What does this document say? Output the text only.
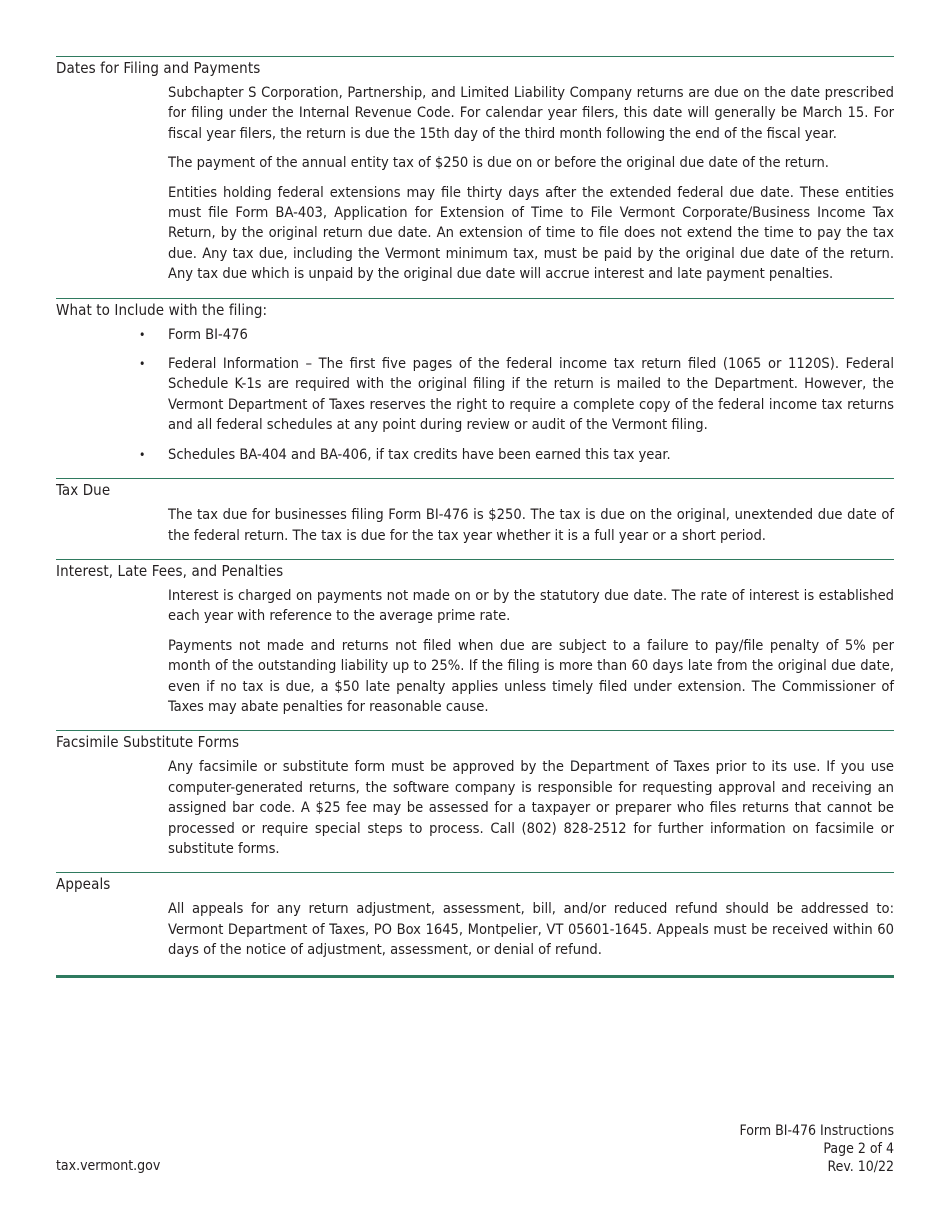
Dates for Filing and Payments

Subchapter S Corporation, Partnership, and Limited Liability Company returns are due on the date prescribed for filing under the Internal Revenue Code. For calendar year filers, this date will generally be March 15. For fiscal year filers, the return is due the 15th day of the third month following the end of the fiscal year.

The payment of the annual entity tax of $250 is due on or before the original due date of the return.

Entities holding federal extensions may file thirty days after the extended federal due date. These entities must file Form BA-403, Application for Extension of Time to File Vermont Corporate/Business Income Tax Return, by the original return due date. An extension of time to file does not extend the time to pay the tax due. Any tax due, including the Vermont minimum tax, must be paid by the original due date of the return. Any tax due which is unpaid by the original due date will accrue interest and late payment penalties.

What to Include with the filing:
• Form BI-476
• Federal Information – The first five pages of the federal income tax return filed (1065 or 1120S). Federal Schedule K-1s are required with the original filing if the return is mailed to the Department. However, the Vermont Department of Taxes reserves the right to require a complete copy of the federal income tax returns and all federal schedules at any point during review or audit of the Vermont filing.
• Schedules BA-404 and BA-406, if tax credits have been earned this tax year.
Tax Due

The tax due for businesses filing Form BI-476 is $250. The tax is due on the original, unextended due date of the federal return. The tax is due for the tax year whether it is a full year or a short period.

Interest, Late Fees, and Penalties

Interest is charged on payments not made on or by the statutory due date. The rate of interest is established each year with reference to the average prime rate.

Payments not made and returns not filed when due are subject to a failure to pay/file penalty of 5% per month of the outstanding liability up to 25%. If the filing is more than 60 days late from the original due date, even if no tax is due, a $50 late penalty applies unless timely filed under extension. The Commissioner of Taxes may abate penalties for reasonable cause.

Facsimile Substitute Forms

Any facsimile or substitute form must be approved by the Department of Taxes prior to its use. If you use computer-generated returns, the software company is responsible for requesting approval and receiving an assigned bar code. A $25 fee may be assessed for a taxpayer or preparer who files returns that cannot be processed or require special steps to process. Call (802) 828-2512 for further information on facsimile or substitute forms.

Appeals

All appeals for any return adjustment, assessment, bill, and/or reduced refund should be addressed to: Vermont Department of Taxes, PO Box 1645, Montpelier, VT 05601-1645. Appeals must be received within 60 days of the notice of adjustment, assessment, or denial of refund.

tax.vermont.gov
Form BI-476 Instructions
Page 2 of 4
Rev. 10/22
